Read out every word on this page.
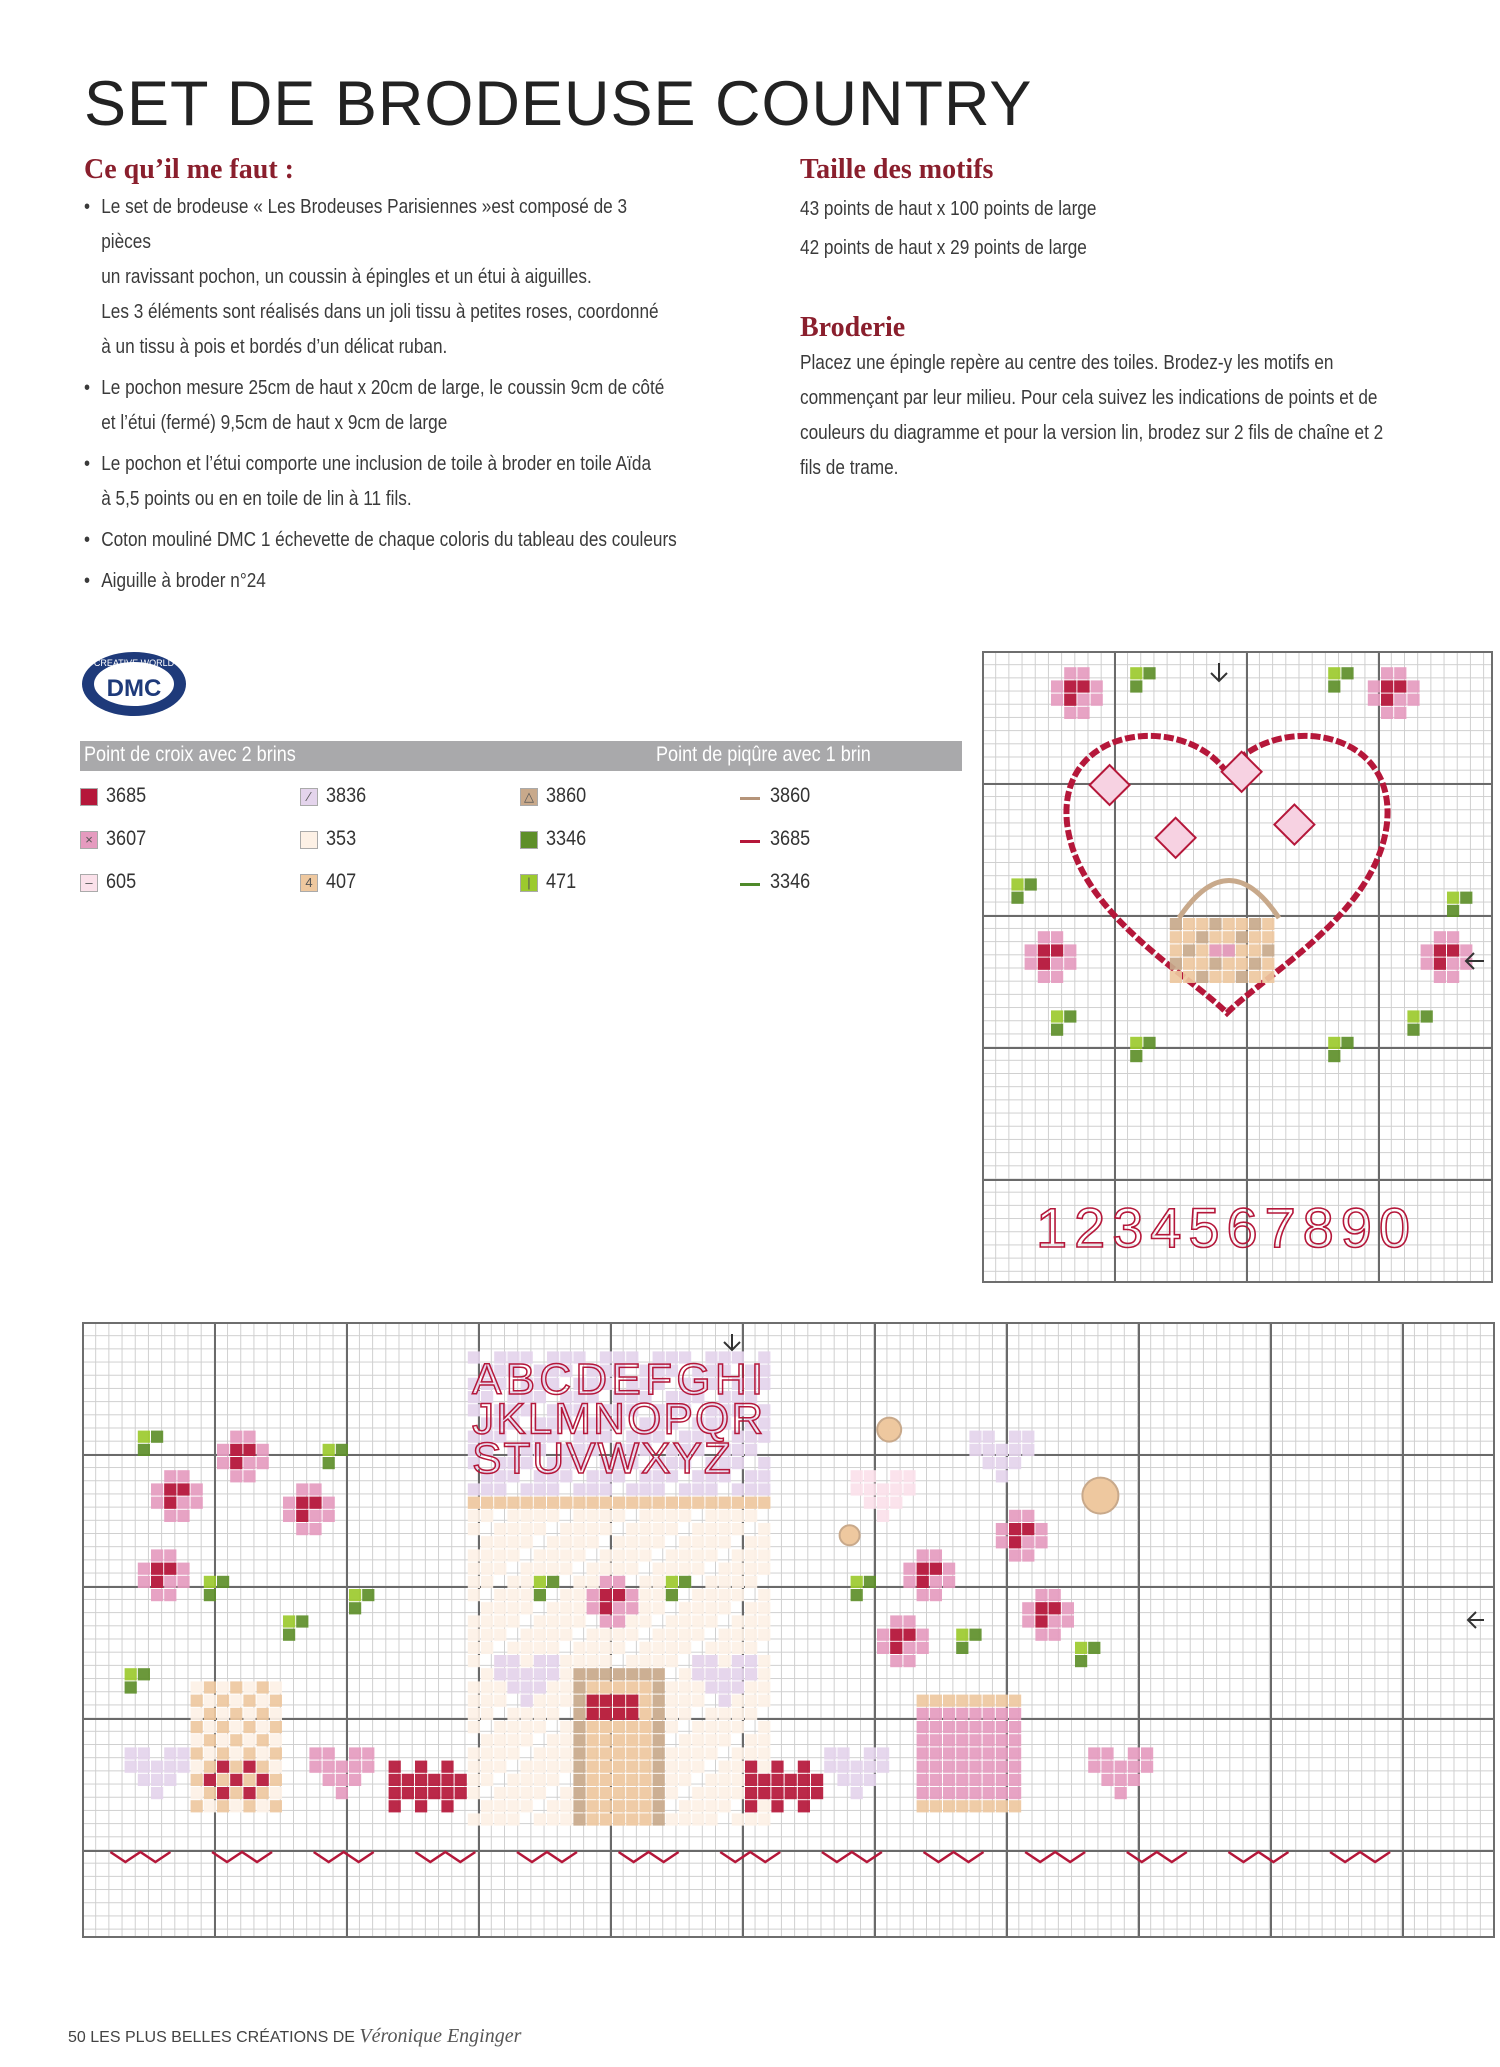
SET DE BRODEUSE COUNTRY
Ce qu’il me faut :
• Le set de brodeuse « Les Brodeuses Parisiennes »est composé de 3 pièces
un ravissant pochon, un coussin à épingles et un étui à aiguilles.
Les 3 éléments sont réalisés dans un joli tissu à petites roses, coordonné
à un tissu à pois et bordés d’un délicat ruban.
• Le pochon mesure 25cm de haut x 20cm de large, le coussin 9cm de côté
et l’étui (fermé) 9,5cm de haut x 9cm de large
• Le pochon et l’étui comporte une inclusion de toile à broder en toile Aïda
à 5,5 points ou en en toile de lin à 11 fils.
• Coton mouliné DMC 1 échevette de chaque coloris du tableau des couleurs
• Aiguille à broder n°24
Taille des motifs
43 points de haut x 100 points de large
42 points de haut x 29 points de large
Broderie
Placez une épingle repère au centre des toiles. Brodez-y les motifs en
commençant par leur milieu. Pour cela suivez les indications de points et de
couleurs du diagramme et pour la version lin, brodez sur 2 fils de chaîne et 2
fils de trame.
CREATIVE WORLD
DMC
Point de croix avec 2 brins	Point de piqûre avec 1 brin
3685
× 3607
– 605
⁄ 3836
353
4 407
△ 3860
3346
| 471
3860
3685
3346
1234567890
ABCDEFGHI
JKLMNOPQR
STUVWXYZ
50 LES PLUS BELLES CRÉATIONS DE Véronique Enginger
